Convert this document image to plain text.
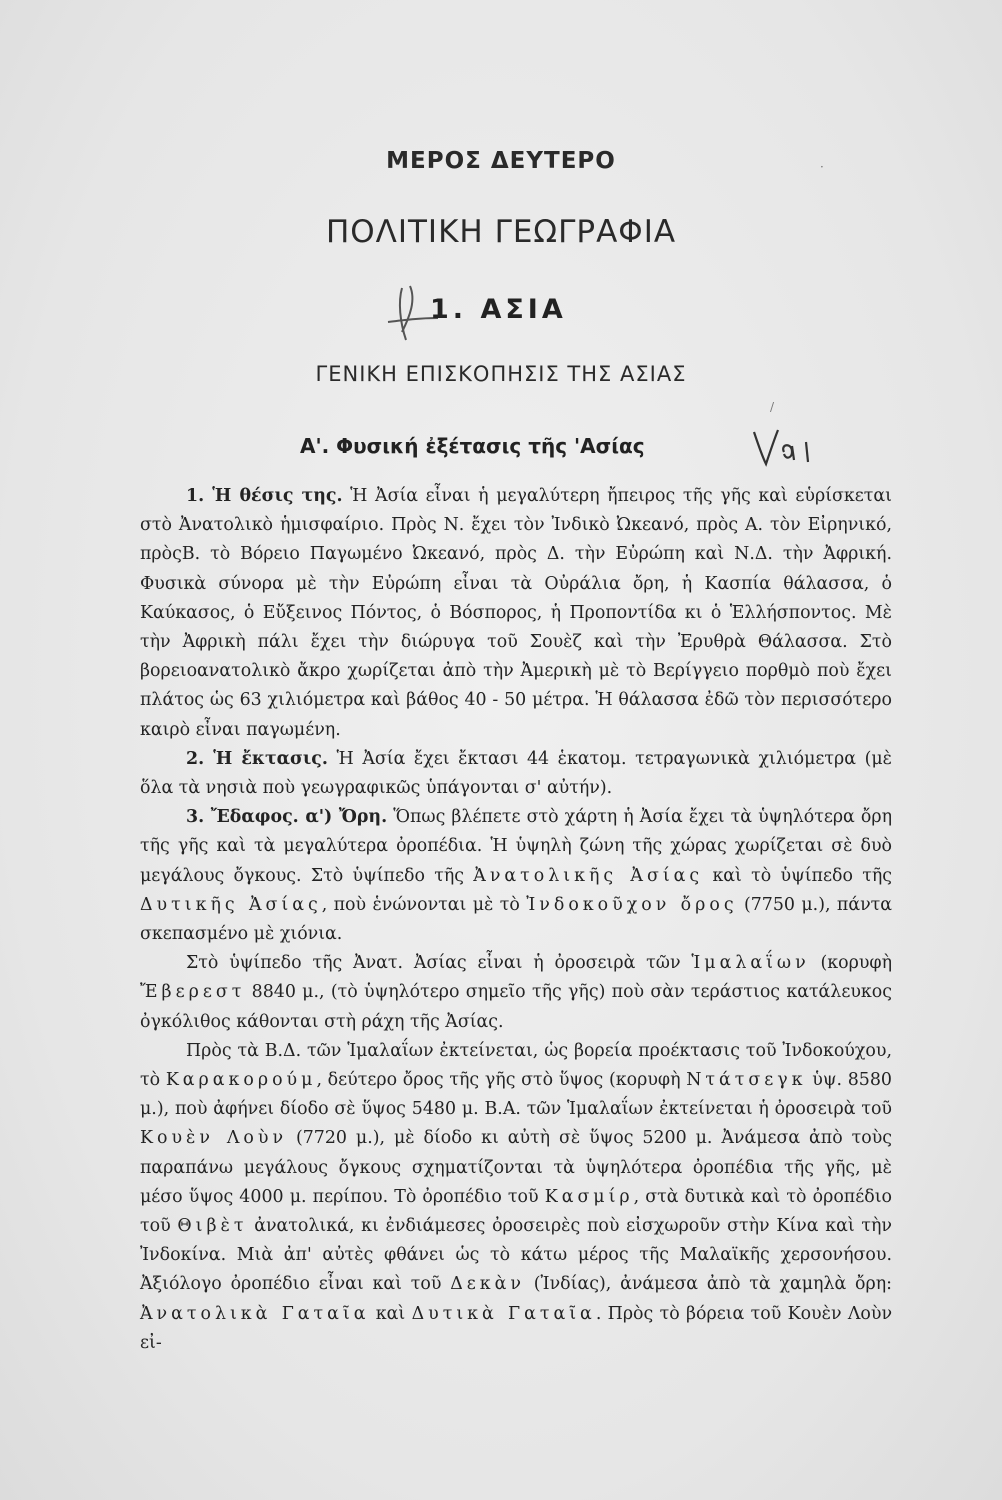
ΜΕΡΟΣ ΔΕΥΤΕΡΟ
ΠΟΛΙΤΙΚΗ ΓΕΩΓΡΑΦΙΑ
1. ΑΣΙΑ
ΓΕΝΙΚΗ ΕΠΙΣΚΟΠΗΣΙΣ ΤΗΣ ΑΣΙΑΣ
Α'. Φυσική ἐξέτασις τῆς 'Ασίας
·
/

1. Ἡ θέσις της. Ἡ Ἀσία εἶναι ἡ μεγαλύτερη ἤπειρος τῆς γῆς καὶ εὑρίσκεται στὸ Ἀνατολικὸ ἡμισφαίριο. Πρὸς Ν. ἔχει τὸν Ἰνδικὸ Ὠκεανό, πρὸς Α. τὸν Εἰρηνικό, πρὸςΒ. τὸ Βόρειο Παγωμένο Ὠκεανό, πρὸς Δ. τὴν Εὐρώπη καὶ Ν.Δ. τὴν Ἀφρική. Φυσικὰ σύνορα μὲ τὴν Εὐρώπη εἶναι τὰ Οὐράλια ὄρη, ἡ Κασπία θάλασσα, ὁ Καύκασος, ὁ Εὔξεινος Πόντος, ὁ Βόσπορος, ἡ Προποντίδα κι ὁ Ἑλλήσποντος. Μὲ τὴν Ἀφρικὴ πάλι ἔχει τὴν διώρυγα τοῦ Σουὲζ καὶ τὴν Ἐρυθρὰ Θάλασσα. Στὸ βορειοανατολικὸ ἄκρο χωρίζεται ἀπὸ τὴν Ἀμερικὴ μὲ τὸ Βερίγγειο πορθμὸ ποὺ ἔχει πλάτος ὡς 63 χιλιόμετρα καὶ βάθος 40 - 50 μέτρα. Ἡ θάλασσα ἐδῶ τὸν περισσότερο καιρὸ εἶναι παγωμένη.

2. Ἡ ἔκτασις. Ἡ Ἀσία ἔχει ἔκτασι 44 ἑκατομ. τετραγωνικὰ χιλιόμετρα (μὲ ὅλα τὰ νησιὰ ποὺ γεωγραφικῶς ὑπάγονται σ' αὐτήν).

3. Ἔδαφος. α') Ὄρη. Ὅπως βλέπετε στὸ χάρτη ἡ Ἀσία ἔχει τὰ ὑψηλότερα ὄρη τῆς γῆς καὶ τὰ μεγαλύτερα ὀροπέδια. Ἡ ὑψηλὴ ζώνη τῆς χώρας χωρίζεται σὲ δυὸ μεγάλους ὄγκους. Στὸ ὑψίπεδο τῆς Ἀνατολικῆς Ἀσίας καὶ τὸ ὑψίπεδο τῆς Δυτικῆς Ἀσίας, ποὺ ἑνώνονται μὲ τὸ Ἰνδοκοῦχον ὄρος (7750 μ.), πάντα σκεπασμένο μὲ χιόνια.

Στὸ ὑψίπεδο τῆς Ἀνατ. Ἀσίας εἶναι ἡ ὀροσειρὰ τῶν Ἱμαλαΐων (κορυφὴ Ἔβερεστ 8840 μ., (τὸ ὑψηλότερο σημεῖο τῆς γῆς) ποὺ σὰν τεράστιος κατάλευκος ὀγκόλιθος κάθονται στὴ ράχη τῆς Ἀσίας.

Πρὸς τὰ Β.Δ. τῶν Ἱμαλαΐων ἐκτείνεται, ὡς βορεία προέκτασις τοῦ Ἰνδοκούχου, τὸ Καρακορούμ, δεύτερο ὄρος τῆς γῆς στὸ ὕψος (κορυφὴ Ντάτσεγκ ὑψ. 8580 μ.), ποὺ ἀφήνει δίοδο σὲ ὕψος 5480 μ. Β.Α. τῶν Ἱμαλαΐων ἐκτείνεται ἡ ὀροσειρὰ τοῦ Κουὲν Λοὺν (7720 μ.), μὲ δίοδο κι αὐτὴ σὲ ὕψος 5200 μ. Ἀνάμεσα ἀπὸ τοὺς παραπάνω μεγάλους ὄγκους σχηματίζονται τὰ ὑψηλότερα ὀροπέδια τῆς γῆς, μὲ μέσο ὕψος 4000 μ. περίπου. Τὸ ὀροπέδιο τοῦ Κασμίρ, στὰ δυτικὰ καὶ τὸ ὀροπέδιο τοῦ Θιβὲτ ἀνατολικά, κι ἐνδιάμεσες ὀροσειρὲς ποὺ εἰσχωροῦν στὴν Κίνα καὶ τὴν Ἰνδοκίνα. Μιὰ ἀπ' αὐτὲς φθάνει ὡς τὸ κάτω μέρος τῆς Μαλαϊκῆς χερσονήσου. Ἀξιόλογο ὀροπέδιο εἶναι καὶ τοῦ Δεκὰν (Ἰνδίας), ἀνάμεσα ἀπὸ τὰ χαμηλὰ ὄρη: Ἀνατολικὰ Γαταῖα καὶ Δυτικὰ Γαταῖα. Πρὸς τὸ βόρεια τοῦ Κουὲν Λοὺν εἰ-
